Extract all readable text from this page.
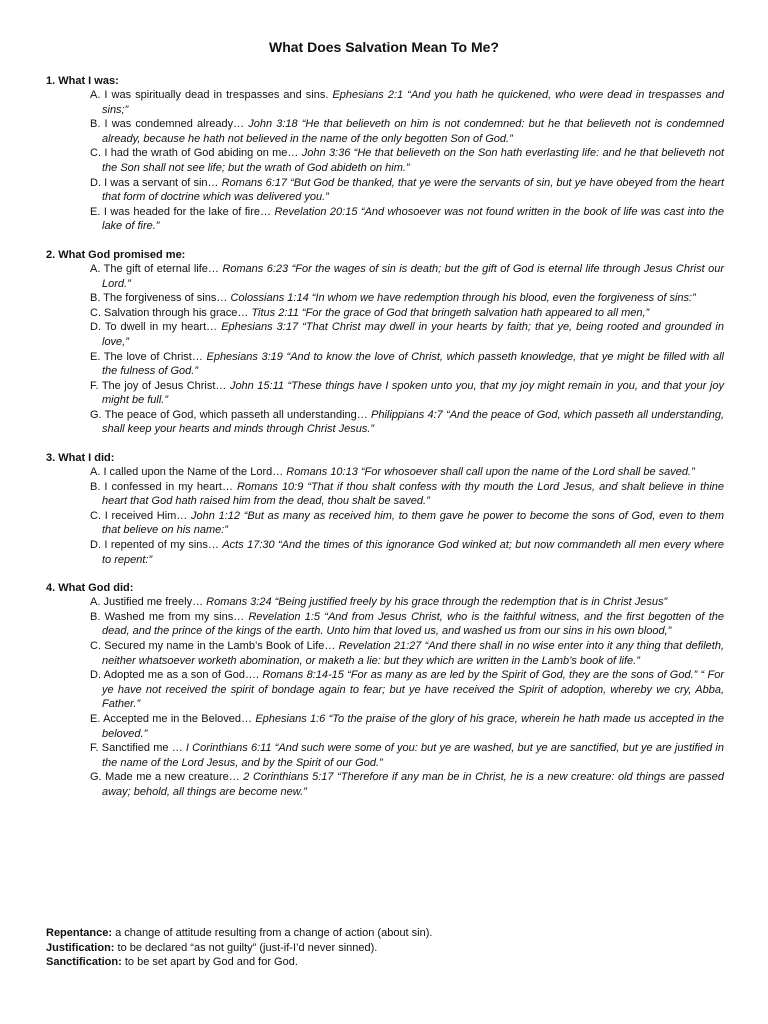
What Does Salvation Mean To Me?
1. What I was:
A. I was spiritually dead in trespasses and sins. Ephesians 2:1 “And you hath he quickened, who were dead in trespasses and sins;”
B. I was condemned already… John 3:18 “He that believeth on him is not condemned: but he that believeth not is condemned already, because he hath not believed in the name of the only begotten Son of God.”
C. I had the wrath of God abiding on me… John 3:36 “He that believeth on the Son hath everlasting life: and he that believeth not the Son shall not see life; but the wrath of God abideth on him.”
D. I was a servant of sin… Romans 6:17 “But God be thanked, that ye were the servants of sin, but ye have obeyed from the heart that form of doctrine which was delivered you.”
E. I was headed for the lake of fire… Revelation 20:15 “And whosoever was not found written in the book of life was cast into the lake of fire.”
2. What God promised me:
A. The gift of eternal life… Romans 6:23 “For the wages of sin is death; but the gift of God is eternal life through Jesus Christ our Lord.”
B. The forgiveness of sins… Colossians 1:14 “In whom we have redemption through his blood, even the forgiveness of sins:”
C. Salvation through his grace… Titus 2:11 “For the grace of God that bringeth salvation hath appeared to all men,”
D. To dwell in my heart… Ephesians 3:17 “That Christ may dwell in your hearts by faith; that ye, being rooted and grounded in love,”
E. The love of Christ… Ephesians 3:19 “And to know the love of Christ, which passeth knowledge, that ye might be filled with all the fulness of God.”
F. The joy of Jesus Christ… John 15:11 “These things have I spoken unto you, that my joy might remain in you, and that your joy might be full.”
G. The peace of God, which passeth all understanding… Philippians 4:7 “And the peace of God, which passeth all understanding, shall keep your hearts and minds through Christ Jesus.”
3. What I did:
A. I called upon the Name of the Lord… Romans 10:13 “For whosoever shall call upon the name of the Lord shall be saved.”
B. I confessed in my heart… Romans 10:9 “That if thou shalt confess with thy mouth the Lord Jesus, and shalt believe in thine heart that God hath raised him from the dead, thou shalt be saved.”
C. I received Him… John 1:12 “But as many as received him, to them gave he power to become the sons of God, even to them that believe on his name:”
D. I repented of my sins… Acts 17:30 “And the times of this ignorance God winked at; but now commandeth all men every where to repent:”
4. What God did:
A. Justified me freely… Romans 3:24 “Being justified freely by his grace through the redemption that is in Christ Jesus”
B. Washed me from my sins… Revelation 1:5 “And from Jesus Christ, who is the faithful witness, and the first begotten of the dead, and the prince of the kings of the earth. Unto him that loved us, and washed us from our sins in his own blood,”
C. Secured my name in the Lamb’s Book of Life… Revelation 21:27 “And there shall in no wise enter into it any thing that defileth, neither whatsoever worketh abomination, or maketh a lie: but they which are written in the Lamb’s book of life.”
D. Adopted me as a son of God…. Romans 8:14-15 “For as many as are led by the Spirit of God, they are the sons of God.” “ For ye have not received the spirit of bondage again to fear; but ye have received the Spirit of adoption, whereby we cry, Abba, Father.”
E. Accepted me in the Beloved… Ephesians 1:6 “To the praise of the glory of his grace, wherein he hath made us accepted in the beloved.”
F. Sanctified me … I Corinthians 6:11 “And such were some of you: but ye are washed, but ye are sanctified, but ye are justified in the name of the Lord Jesus, and by the Spirit of our God.”
G. Made me a new creature… 2 Corinthians 5:17 “Therefore if any man be in Christ, he is a new creature: old things are passed away; behold, all things are become new.”
Repentance: a change of attitude resulting from a change of action (about sin).
Justification: to be declared “as not guilty” (just-if-I’d never sinned).
Sanctification: to be set apart by God and for God.
